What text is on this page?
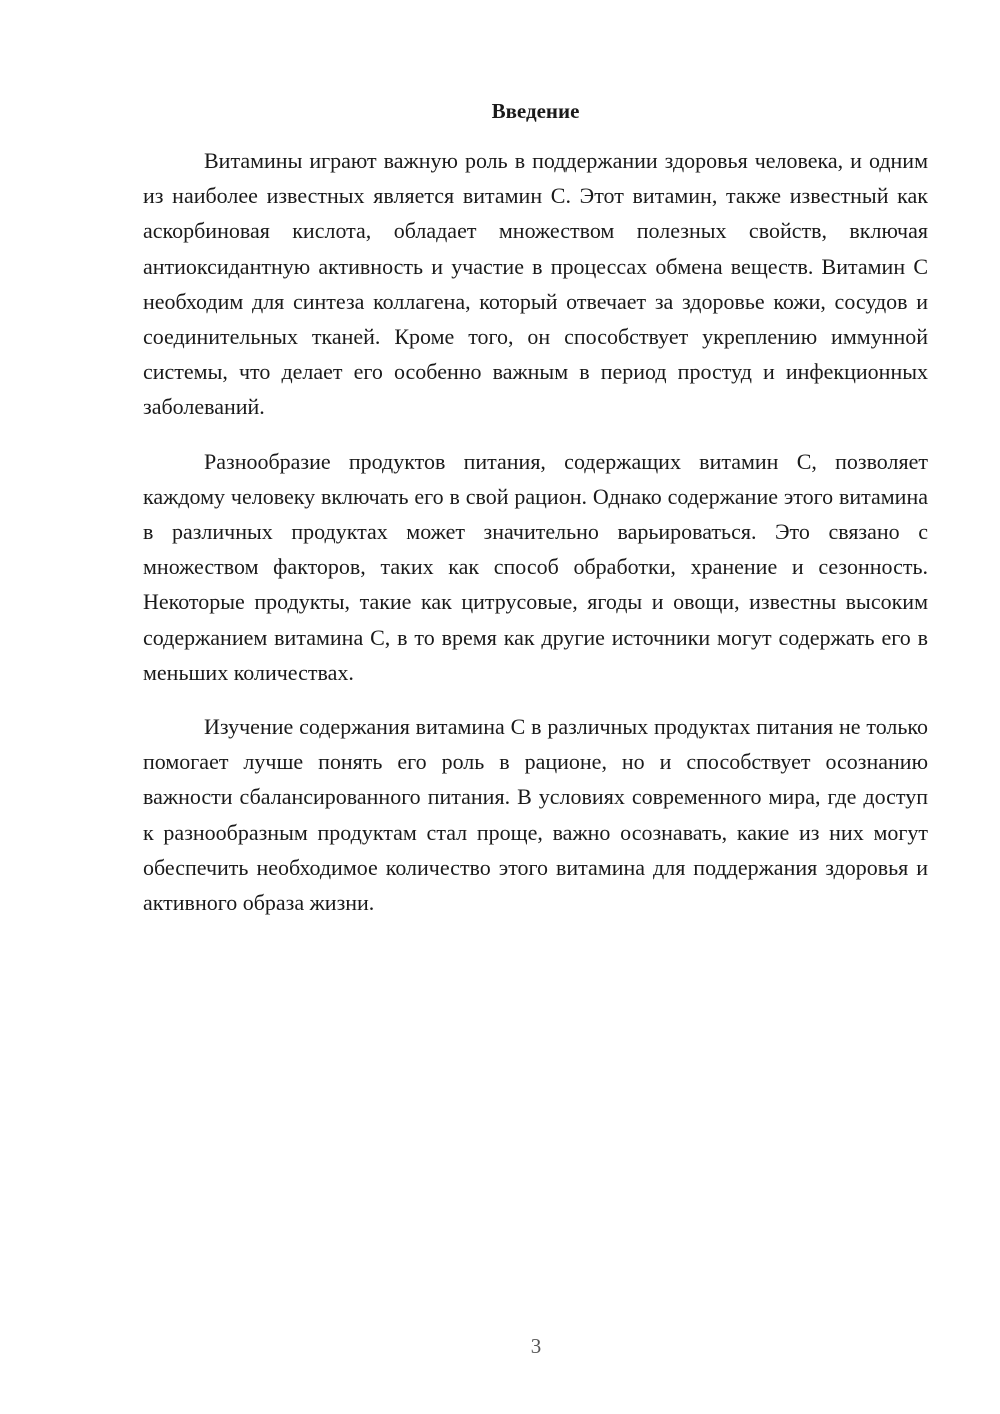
Введение

Витамины играют важную роль в поддержании здоровья человека, и одним из наиболее известных является витамин С. Этот витамин, также известный как аскорбиновая кислота, обладает множеством полезных свойств, включая антиоксидантную активность и участие в процессах обмена веществ. Витамин С необходим для синтеза коллагена, который отвечает за здоровье кожи, сосудов и соединительных тканей. Кроме того, он способствует укреплению иммунной системы, что делает его особенно важным в период простуд и инфекционных заболеваний.

Разнообразие продуктов питания, содержащих витамин С, позволяет каждому человеку включать его в свой рацион. Однако содержание этого витамина в различных продуктах может значительно варьироваться. Это связано с множеством факторов, таких как способ обработки, хранение и сезонность. Некоторые продукты, такие как цитрусовые, ягоды и овощи, известны высоким содержанием витамина С, в то время как другие источники могут содержать его в меньших количествах.

Изучение содержания витамина С в различных продуктах питания не только помогает лучше понять его роль в рационе, но и способствует осознанию важности сбалансированного питания. В условиях современного мира, где доступ к разнообразным продуктам стал проще, важно осознавать, какие из них могут обеспечить необходимое количество этого витамина для поддержания здоровья и активного образа жизни.

3
